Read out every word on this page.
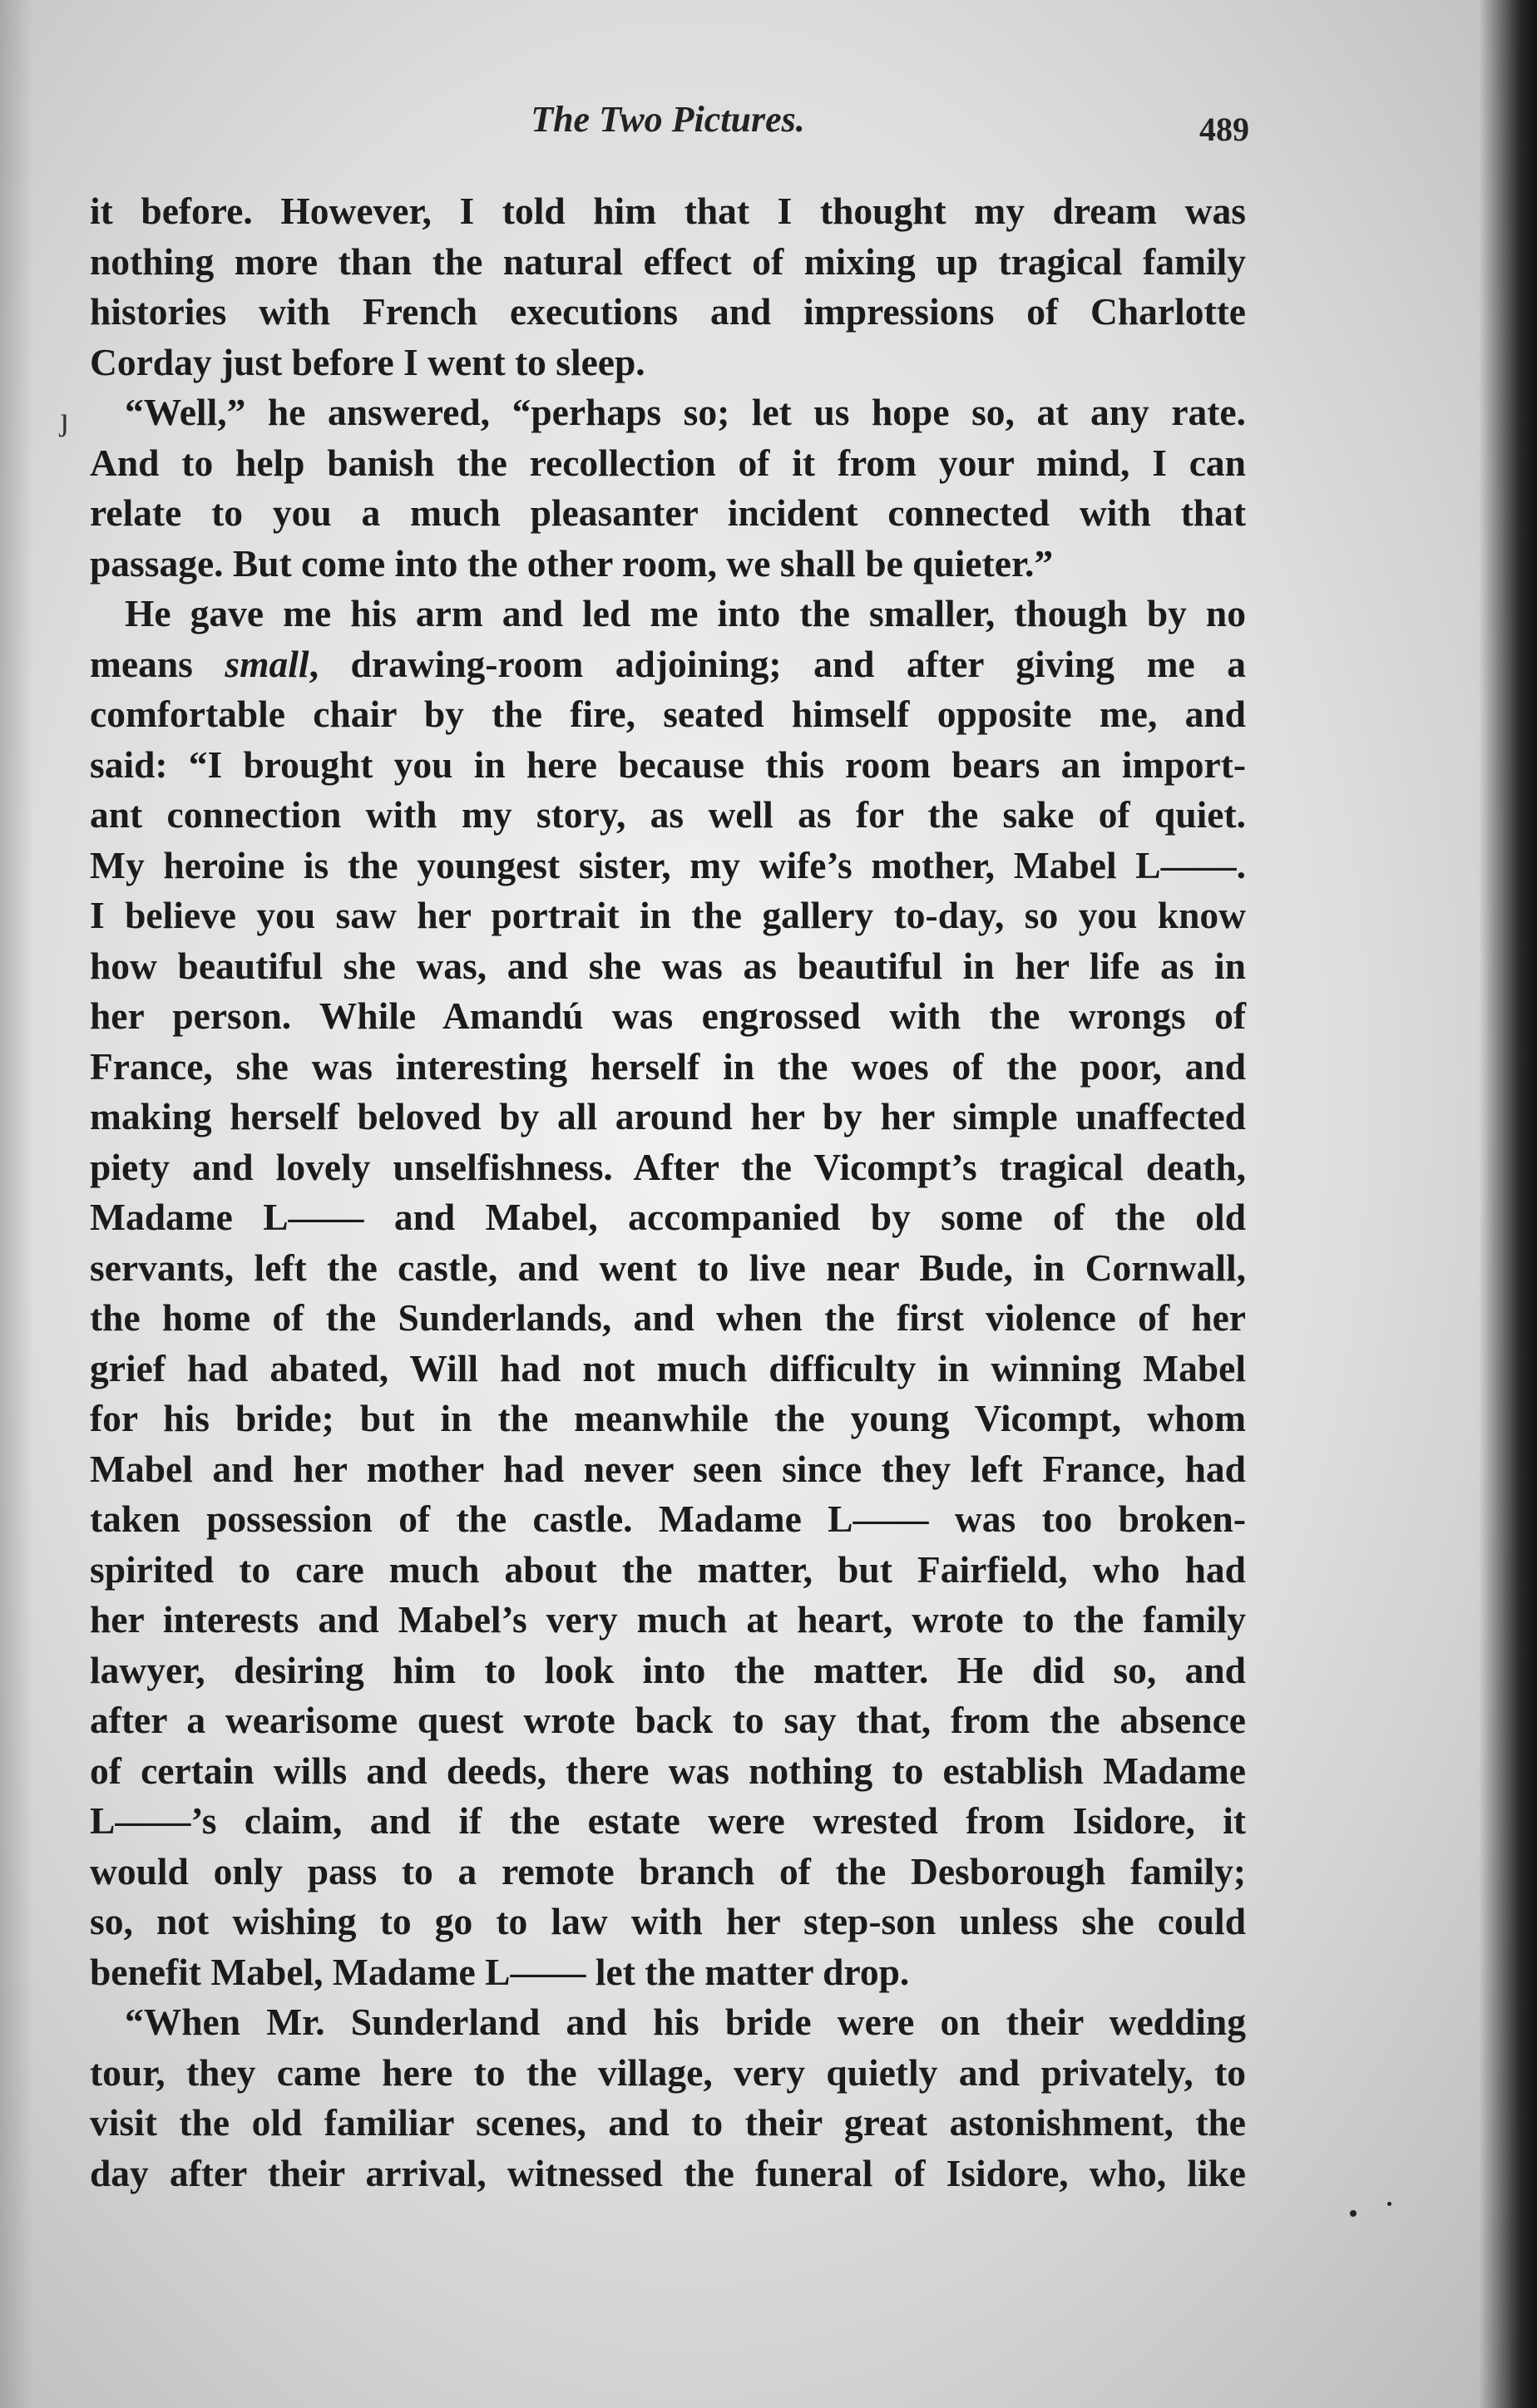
ȷ
The Two Pictures.	489
it before. However, I told him that I thought my dream was
nothing more than the natural effect of mixing up tragical family
histories with French executions and impressions of Charlotte
Corday just before I went to sleep.
“Well,” he answered, “perhaps so; let us hope so, at any rate.
And to help banish the recollection of it from your mind, I can
relate to you a much pleasanter incident connected with that
passage. But come into the other room, we shall be quieter.”
He gave me his arm and led me into the smaller, though by no
means small, drawing-room adjoining; and after giving me a
comfortable chair by the fire, seated himself opposite me, and
said: “I brought you in here because this room bears an import-
ant connection with my story, as well as for the sake of quiet.
My heroine is the youngest sister, my wife’s mother, Mabel L——.
I believe you saw her portrait in the gallery to-day, so you know
how beautiful she was, and she was as beautiful in her life as in
her person. While Amandú was engrossed with the wrongs of
France, she was interesting herself in the woes of the poor, and
making herself beloved by all around her by her simple unaffected
piety and lovely unselfishness. After the Vicompt’s tragical death,
Madame L—— and Mabel, accompanied by some of the old
servants, left the castle, and went to live near Bude, in Cornwall,
the home of the Sunderlands, and when the first violence of her
grief had abated, Will had not much difficulty in winning Mabel
for his bride; but in the meanwhile the young Vicompt, whom
Mabel and her mother had never seen since they left France, had
taken possession of the castle. Madame L—— was too broken-
spirited to care much about the matter, but Fairfield, who had
her interests and Mabel’s very much at heart, wrote to the family
lawyer, desiring him to look into the matter. He did so, and
after a wearisome quest wrote back to say that, from the absence
of certain wills and deeds, there was nothing to establish Madame
L——’s claim, and if the estate were wrested from Isidore, it
would only pass to a remote branch of the Desborough family;
so, not wishing to go to law with her step-son unless she could
benefit Mabel, Madame L—— let the matter drop.
“When Mr. Sunderland and his bride were on their wedding
tour, they came here to the village, very quietly and privately, to
visit the old familiar scenes, and to their great astonishment, the
day after their arrival, witnessed the funeral of Isidore, who, like
